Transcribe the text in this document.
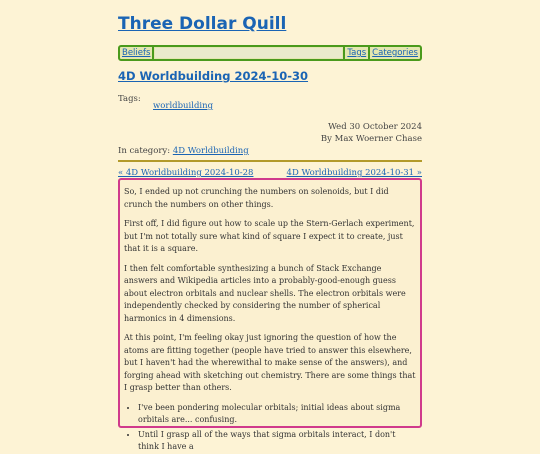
Three Dollar Quill
Beliefs	Tags Categories
4D Worldbuilding 2024-10-30
Tags:
worldbuilding
Wed 30 October 2024
By Max Woerner Chase
In category: 4D Worldbuilding
« 4D Worldbuilding 2024-10-28	4D Worldbuilding 2024-10-31 »

So, I ended up not crunching the numbers on solenoids, but I did crunch the numbers on other things.

First off, I did figure out how to scale up the Stern-Gerlach experiment, but I'm not totally sure what kind of square I expect it to create, just that it is a square.

I then felt comfortable synthesizing a bunch of Stack Exchange answers and Wikipedia articles into a probably-good-enough guess about electron orbitals and nuclear shells. The electron orbitals were independently checked by considering the number of spherical harmonics in 4 dimensions.

At this point, I'm feeling okay just ignoring the question of how the atoms are fitting together (people have tried to answer this elsewhere, but I haven't had the wherewithal to make sense of the answers), and forging ahead with sketching out chemistry. There are some things that I grasp better than others.

• I've been pondering molecular orbitals; initial ideas about sigma orbitals are... confusing.
• Until I grasp all of the ways that sigma orbitals interact, I don't think I have a
